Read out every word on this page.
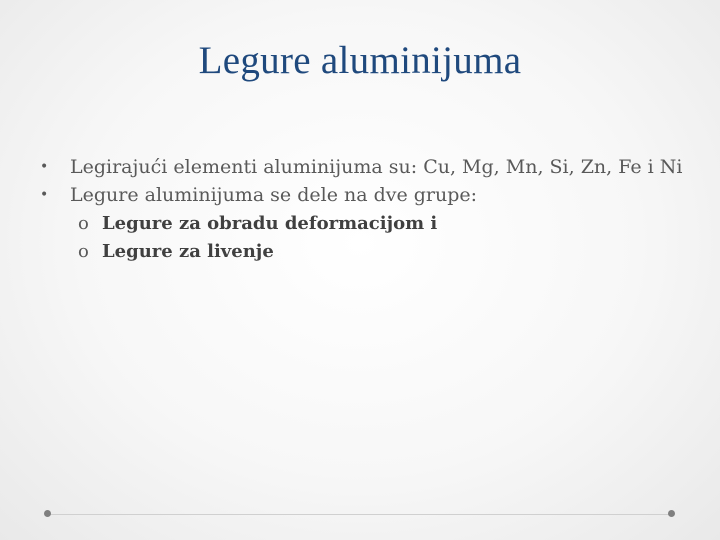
Legure aluminijuma
• Legirajući elementi aluminijuma su: Cu, Mg, Mn, Si, Zn, Fe i Ni
• Legure aluminijuma se dele na dve grupe:
o Legure za obradu deformacijom i
o Legure za livenje
